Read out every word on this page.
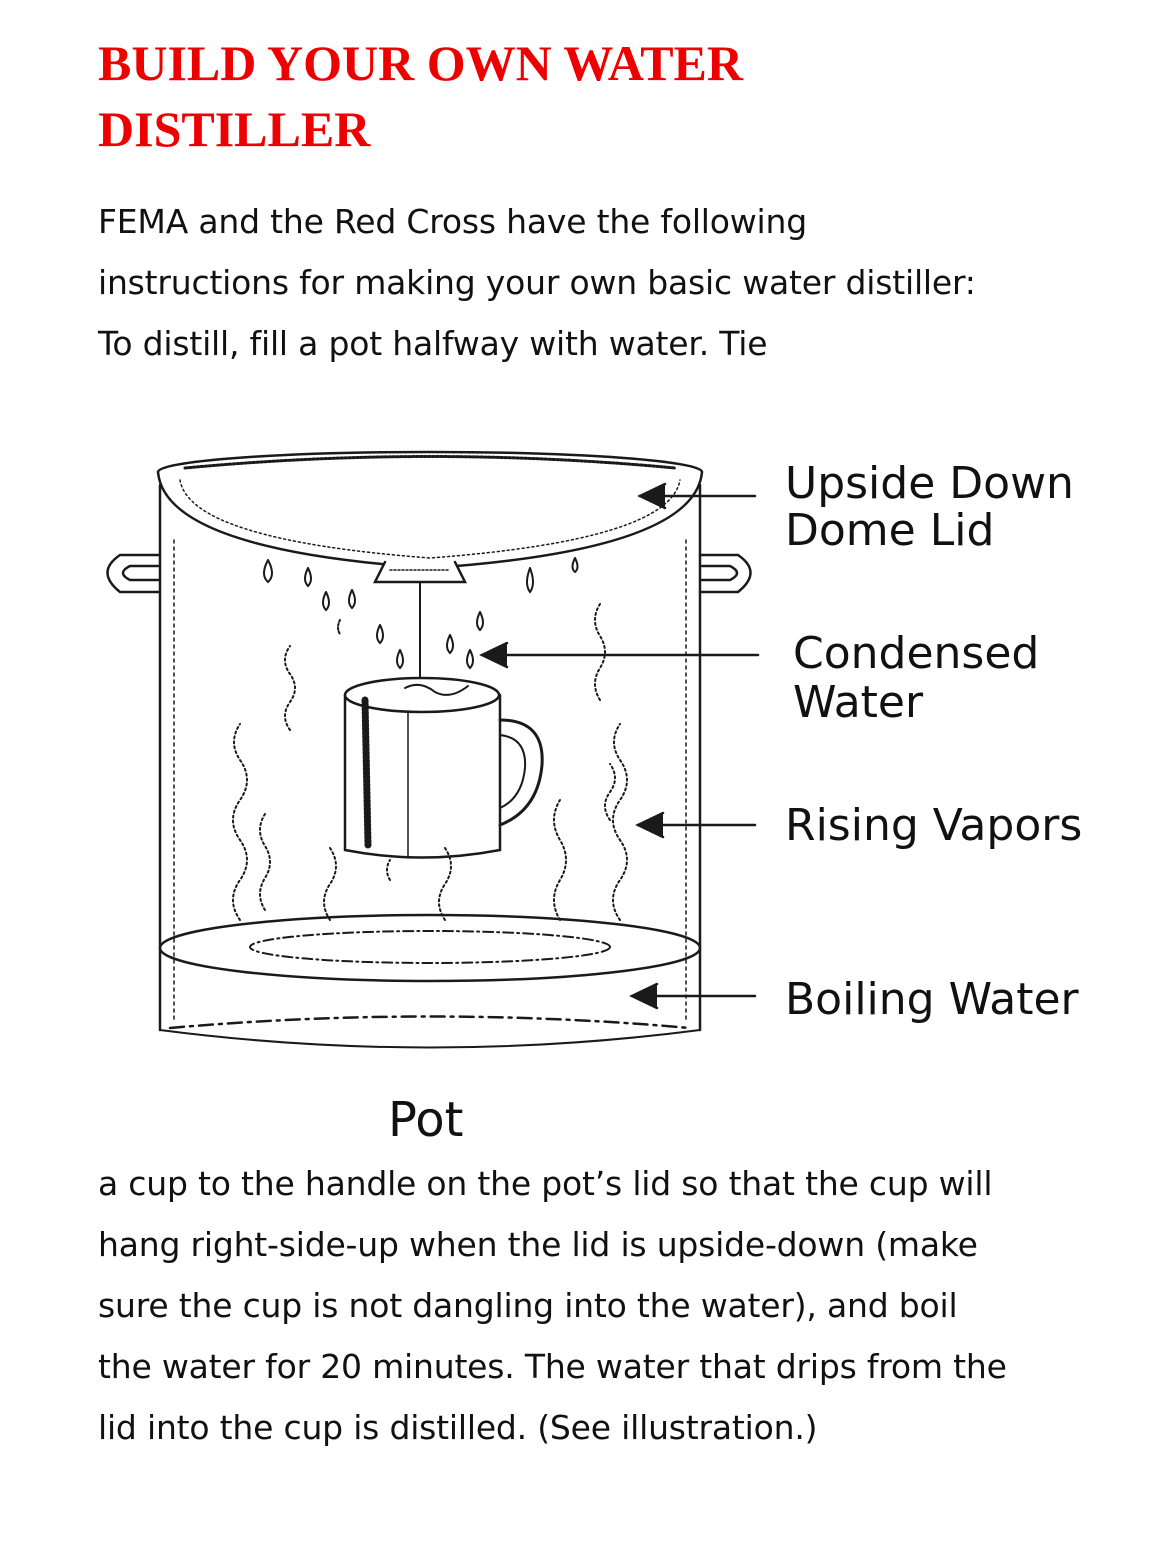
BUILD YOUR OWN WATER
DISTILLER

FEMA and the Red Cross have the following instructions for making your own basic water distiller: To distill, fill a pot halfway with water. Tie

Upside Down
Dome Lid
Condensed
Water
Rising Vapors
Boiling Water
Pot

a cup to the handle on the pot’s lid so that the cup will hang right-side-up when the lid is upside-down (make sure the cup is not dangling into the water), and boil the water for 20 minutes. The water that drips from the lid into the cup is distilled. (See illustration.)
